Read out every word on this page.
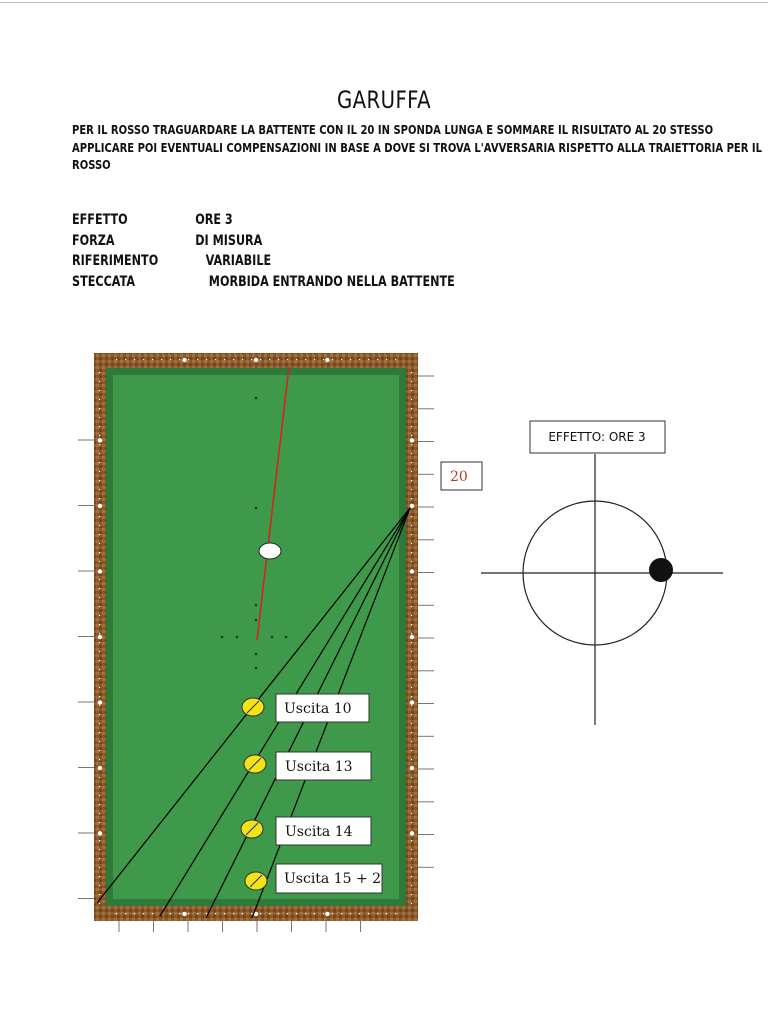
GARUFFA
PER IL ROSSO TRAGUARDARE LA BATTENTE CON IL 20 IN SPONDA LUNGA E SOMMARE IL RISULTATO AL 20 STESSO
APPLICARE POI EVENTUALI COMPENSAZIONI IN BASE A DOVE SI TROVA L'AVVERSARIA RISPETTO ALLA TRAIETTORIA PER IL
ROSSO
EFFETTO	ORE 3
FORZA	DI MISURA
RIFERIMENTO	VARIABILE
STECCATA	MORBIDA ENTRANDO NELLA BATTENTE
Uscita 10
Uscita 13
Uscita 14
Uscita 15 + 2
20
EFFETTO: ORE 3
